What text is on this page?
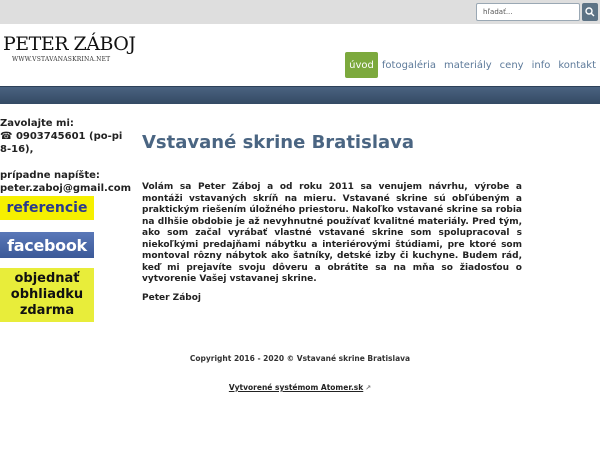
hľadať...
PETER ZÁBOJ
WWW.VSTAVANASKRINA.NET	úvod fotogaléria materiály ceny info kontakt
Zavolajte mi:
☎ 0903745601 (po-pi 8-16),
prípadne napíšte:
peter.zaboj@gmail.com
referencie
facebook
objednať
obhliadku
zdarma
Vstavané skrine Bratislava

Volám sa Peter Záboj a od roku 2011 sa venujem návrhu, výrobe a montáži vstavaných skríň na mieru. Vstavané skrine sú obľúbeným a praktickým riešením úložného priestoru. Nakoľko vstavané skrine sa robia na dlhšie obdobie je až nevyhnutné používať kvalitné materiály. Pred tým, ako som začal vyrábať vlastné vstavané skrine som spolupracoval s niekoľkými predajňami nábytku a interiérovými štúdiami, pre ktoré som montoval rôzny nábytok ako šatníky, detské izby či kuchyne. Budem rád, keď mi prejavíte svoju dôveru a obrátite sa na mňa so žiadosťou o vytvorenie Vašej vstavanej skrine.

Peter Záboj
Copyright 2016 - 2020 © Vstavané skrine Bratislava
Vytvorené systémom Atomer.sk ↗
